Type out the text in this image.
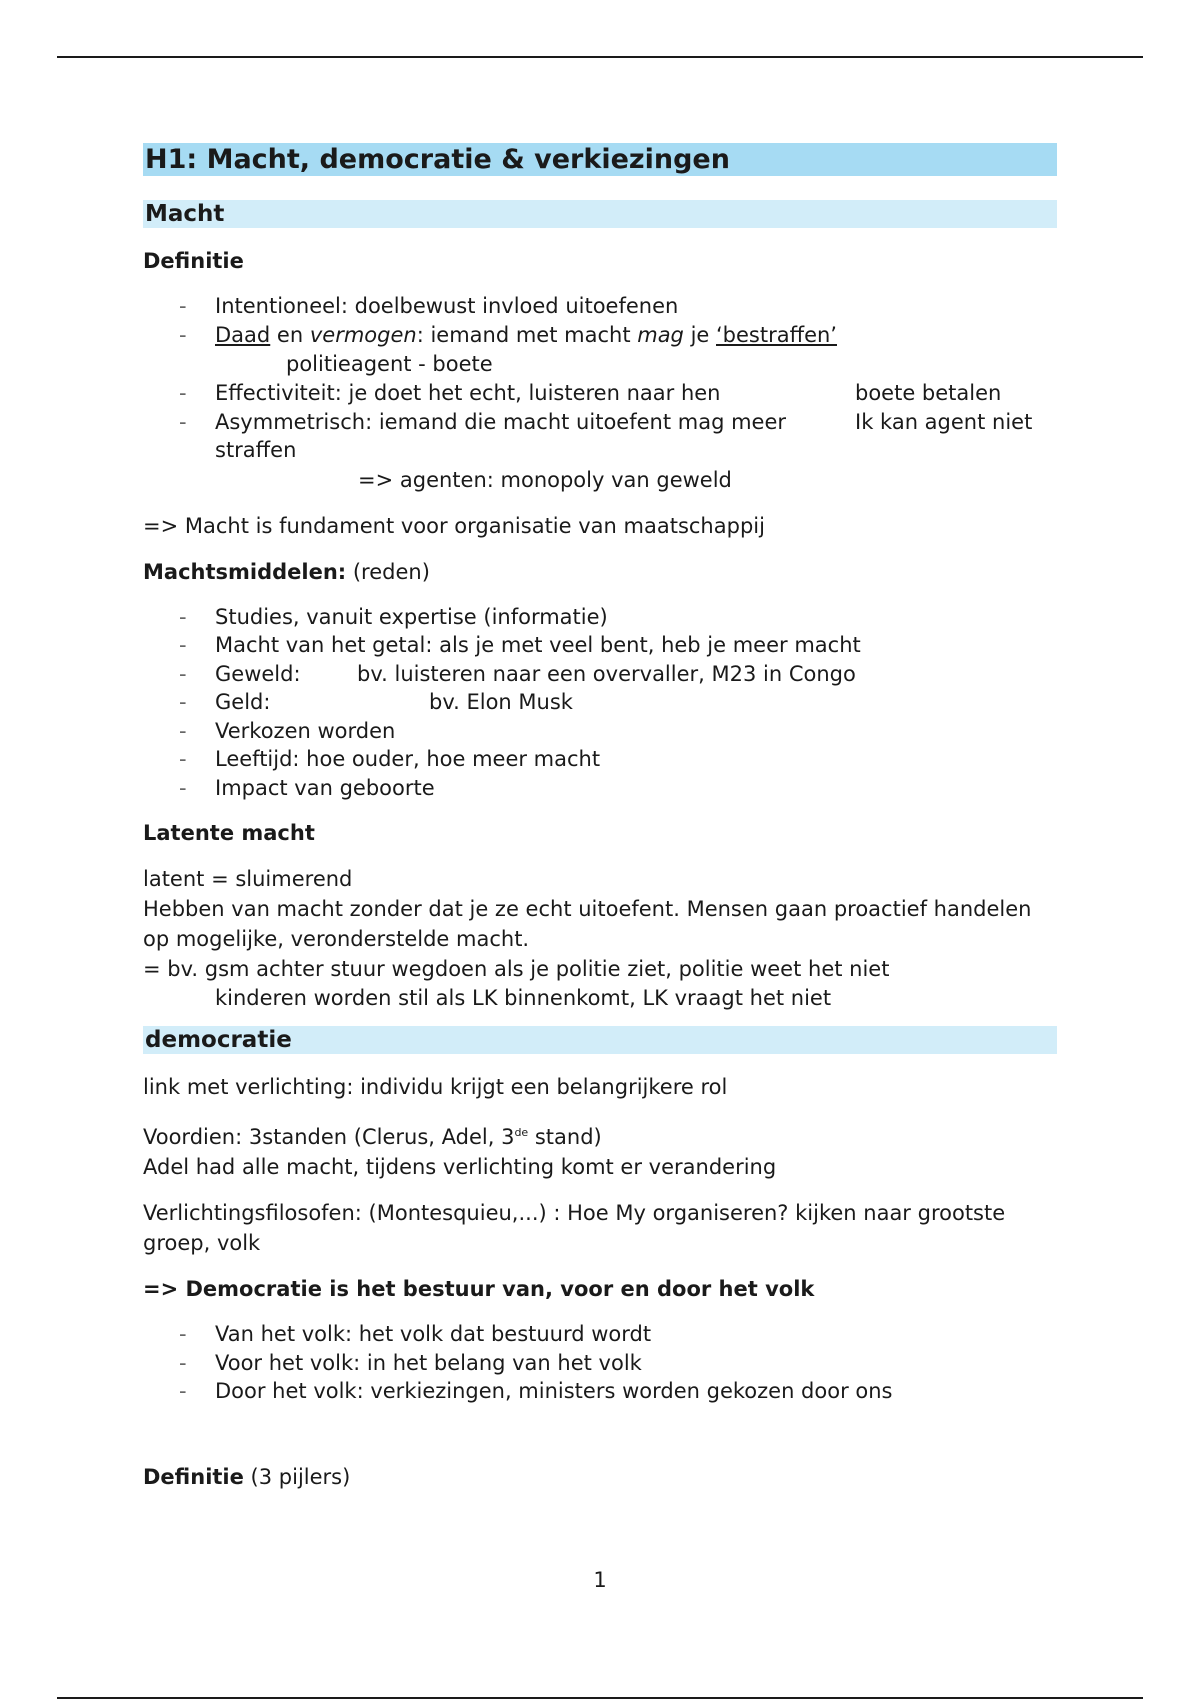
H1: Macht, democratie & verkiezingen
Macht
Definitie
- Intentioneel: doelbewust invloed uitoefenen
- Daad en vermogen: iemand met macht mag je ‘bestraffen’
politieagent - boete
- Effectiviteit: je doet het echt, luisteren naar hen	boete betalen
- Asymmetrisch: iemand die macht uitoefent mag meer straffen
Ik kan agent niet
=> agenten: monopoly van geweld
=> Macht is fundament voor organisatie van maatschappij
Machtsmiddelen: (reden)
- Studies, vanuit expertise (informatie)
- Macht van het getal: als je met veel bent, heb je meer macht
- Geweld:	bv. luisteren naar een overvaller, M23 in Congo
- Geld:	bv. Elon Musk
- Verkozen worden
- Leeftijd: hoe ouder, hoe meer macht
- Impact van geboorte
Latente macht
latent = sluimerend
Hebben van macht zonder dat je ze echt uitoefent. Mensen gaan proactief handelen op mogelijke, veronderstelde macht.
= bv. gsm achter stuur wegdoen als je politie ziet, politie weet het niet
kinderen worden stil als LK binnenkomt, LK vraagt het niet
democratie
link met verlichting: individu krijgt een belangrijkere rol
Voordien: 3standen (Clerus, Adel, 3de stand)
Adel had alle macht, tijdens verlichting komt er verandering
Verlichtingsfilosofen: (Montesquieu,...) : Hoe My organiseren? kijken naar grootste groep, volk
=> Democratie is het bestuur van, voor en door het volk
- Van het volk: het volk dat bestuurd wordt
- Voor het volk: in het belang van het volk
- Door het volk: verkiezingen, ministers worden gekozen door ons
Definitie (3 pijlers)
1
